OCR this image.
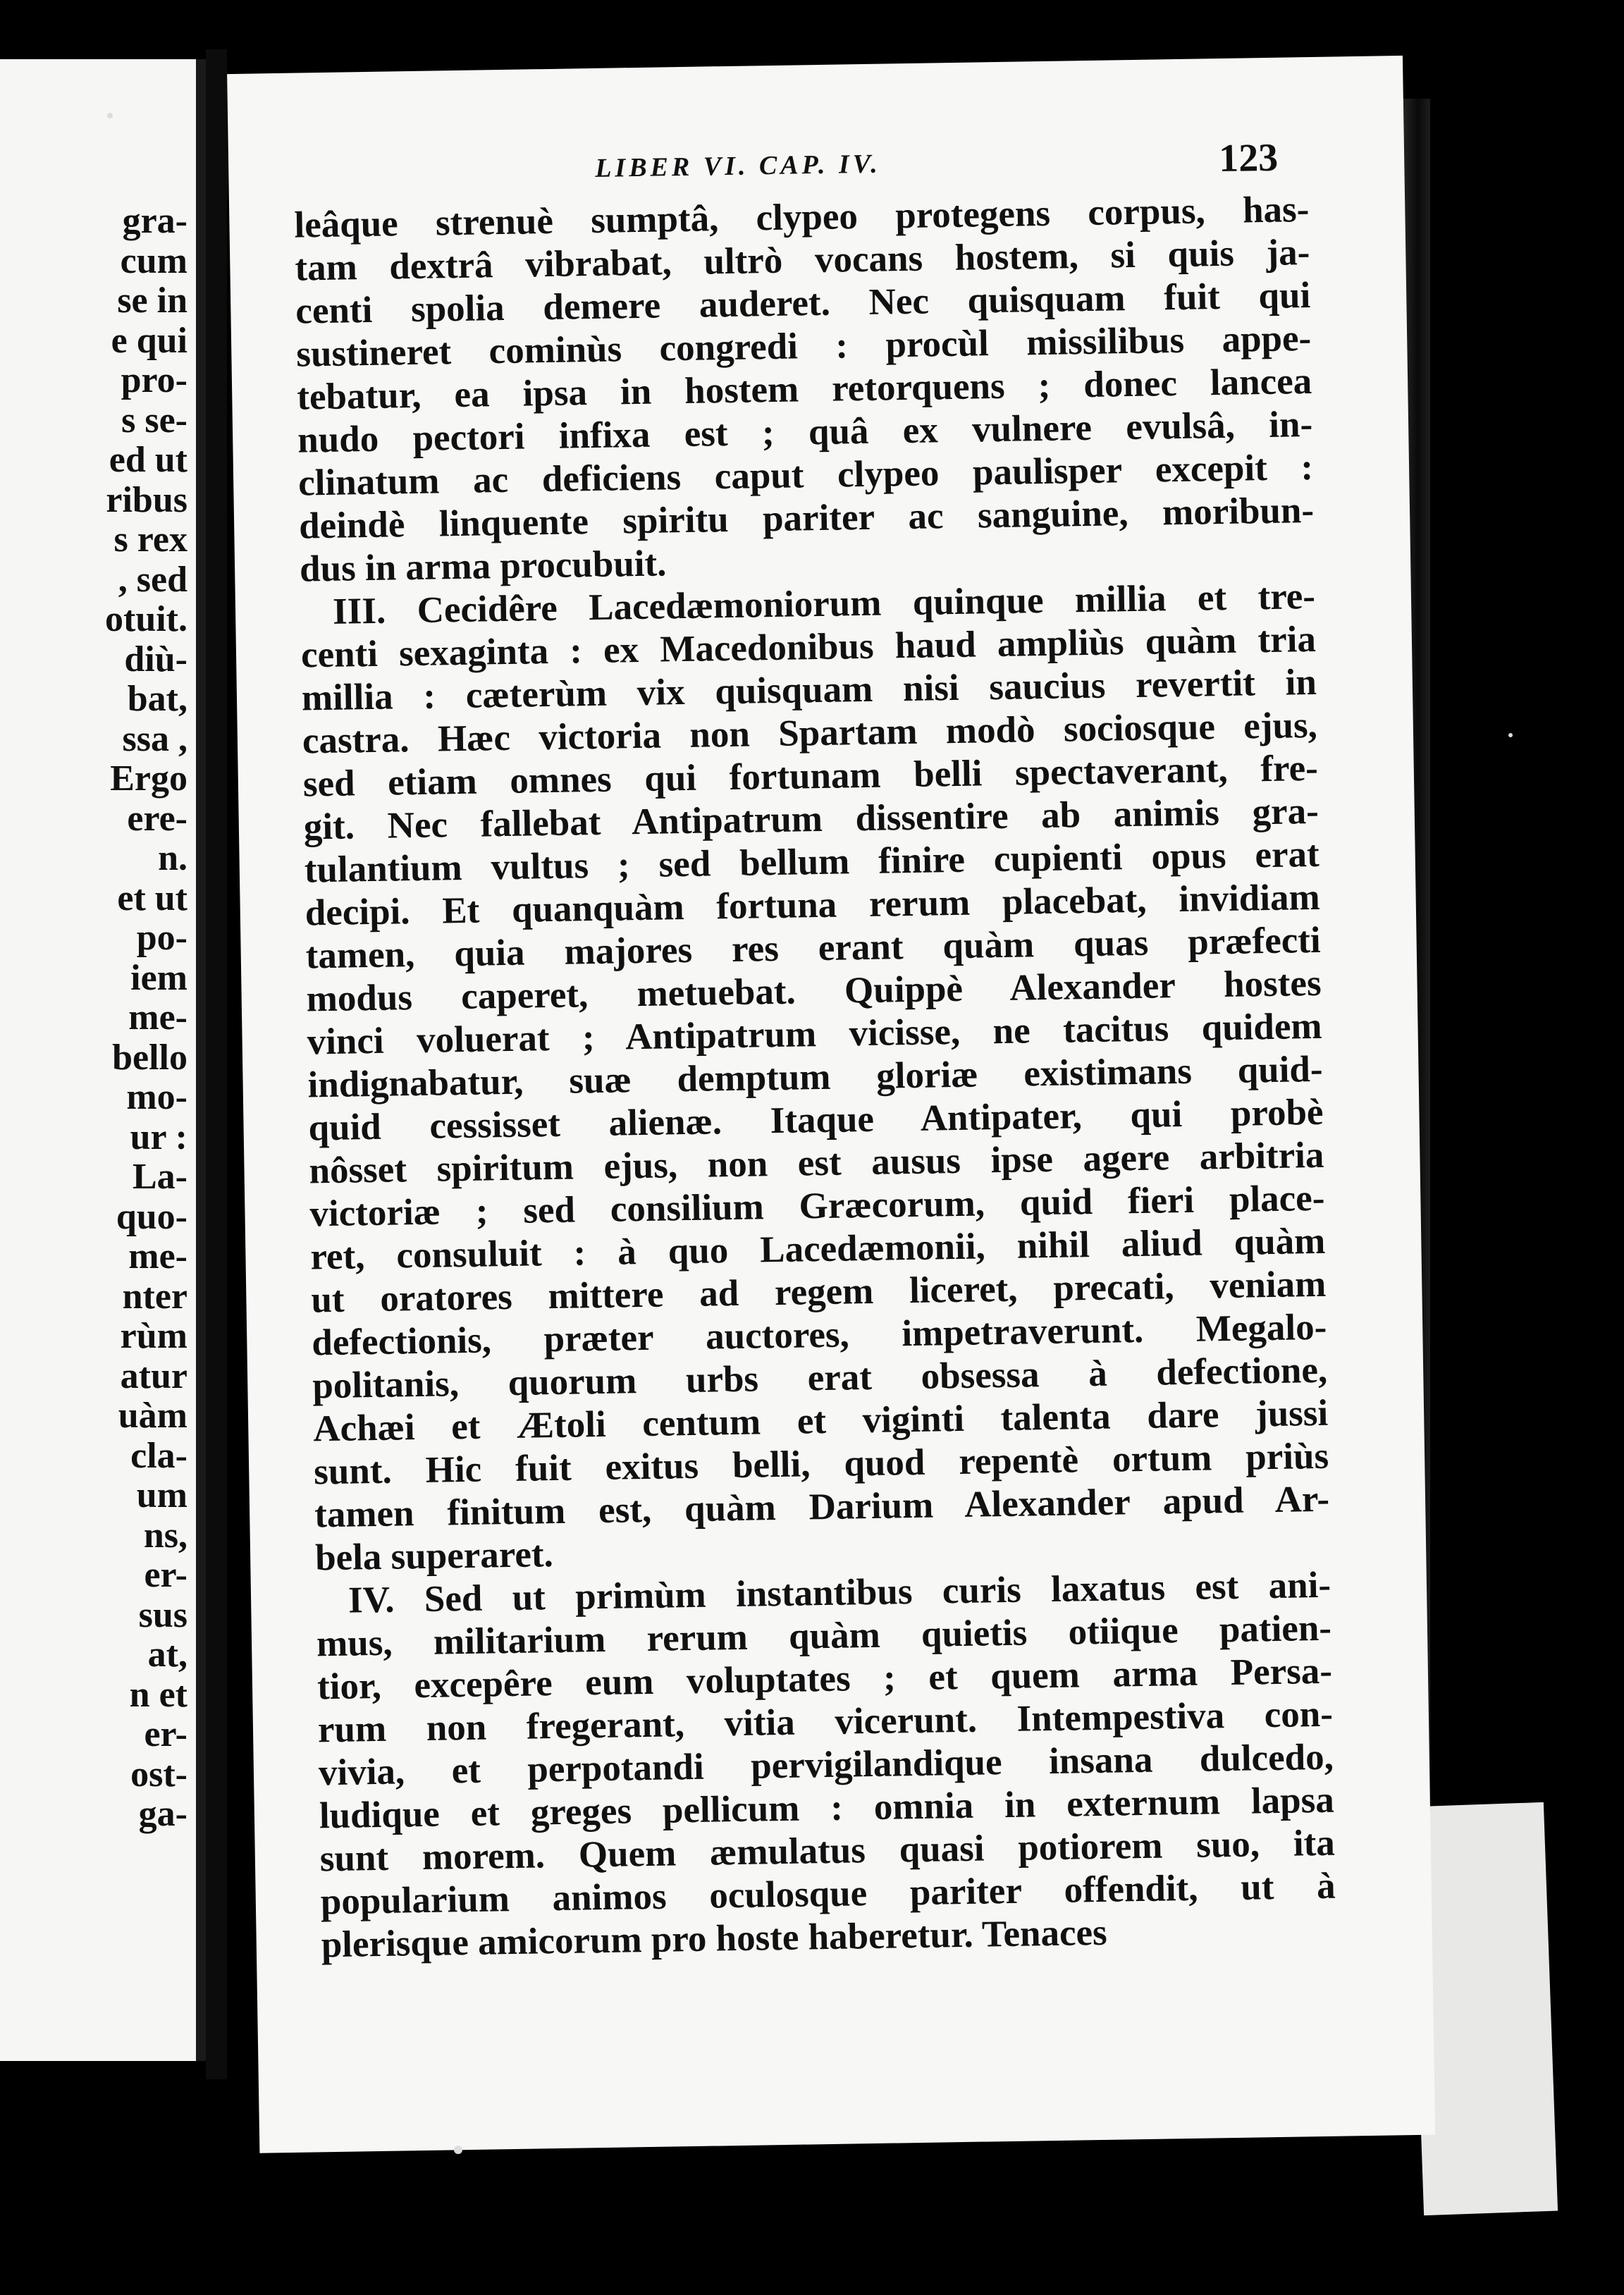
gra-
cum
se in
e qui
pro-
s se-
ed ut
ribus
s rex
, sed
otuit.
diù-
bat,
ssa ,
Ergo
ere-
n.
et ut
po-
iem
me-
bello
mo-
ur :
La-
quo-
me-
nter
rùm
atur
uàm
cla-
um
ns,
er-
sus
at,
n et
er-
ost-
ga-
LIBER VI. CAP. IV.	123
leâque strenuè sumptâ, clypeo protegens corpus, has-
tam dextrâ vibrabat, ultrò vocans hostem, si quis ja-
centi spolia demere auderet. Nec quisquam fuit qui
sustineret cominùs congredi : procùl missilibus appe-
tebatur, ea ipsa in hostem retorquens ; donec lancea
nudo pectori infixa est ; quâ ex vulnere evulsâ, in-
clinatum ac deficiens caput clypeo paulisper excepit :
deindè linquente spiritu pariter ac sanguine, moribun-
dus in arma procubuit.
III. Cecidêre Lacedæmoniorum quinque millia et tre-
centi sexaginta : ex Macedonibus haud ampliùs quàm tria
millia : cæterùm vix quisquam nisi saucius revertit in
castra. Hæc victoria non Spartam modò sociosque ejus,
sed etiam omnes qui fortunam belli spectaverant, fre-
git. Nec fallebat Antipatrum dissentire ab animis gra-
tulantium vultus ; sed bellum finire cupienti opus erat
decipi. Et quanquàm fortuna rerum placebat, invidiam
tamen, quia majores res erant quàm quas præfecti
modus caperet, metuebat. Quippè Alexander hostes
vinci voluerat ; Antipatrum vicisse, ne tacitus quidem
indignabatur, suæ demptum gloriæ existimans quid-
quid cessisset alienæ. Itaque Antipater, qui probè
nôsset spiritum ejus, non est ausus ipse agere arbitria
victoriæ ; sed consilium Græcorum, quid fieri place-
ret, consuluit : à quo Lacedæmonii, nihil aliud quàm
ut oratores mittere ad regem liceret, precati, veniam
defectionis, præter auctores, impetraverunt. Megalo-
politanis, quorum urbs erat obsessa à defectione,
Achæi et Ætoli centum et viginti talenta dare jussi
sunt. Hic fuit exitus belli, quod repentè ortum priùs
tamen finitum est, quàm Darium Alexander apud Ar-
bela superaret.
IV. Sed ut primùm instantibus curis laxatus est ani-
mus, militarium rerum quàm quietis otiique patien-
tior, excepêre eum voluptates ; et quem arma Persa-
rum non fregerant, vitia vicerunt. Intempestiva con-
vivia, et perpotandi pervigilandique insana dulcedo,
ludique et greges pellicum : omnia in externum lapsa
sunt morem. Quem æmulatus quasi potiorem suo, ita
popularium animos oculosque pariter offendit, ut à
plerisque amicorum pro hoste haberetur. Tenaces
